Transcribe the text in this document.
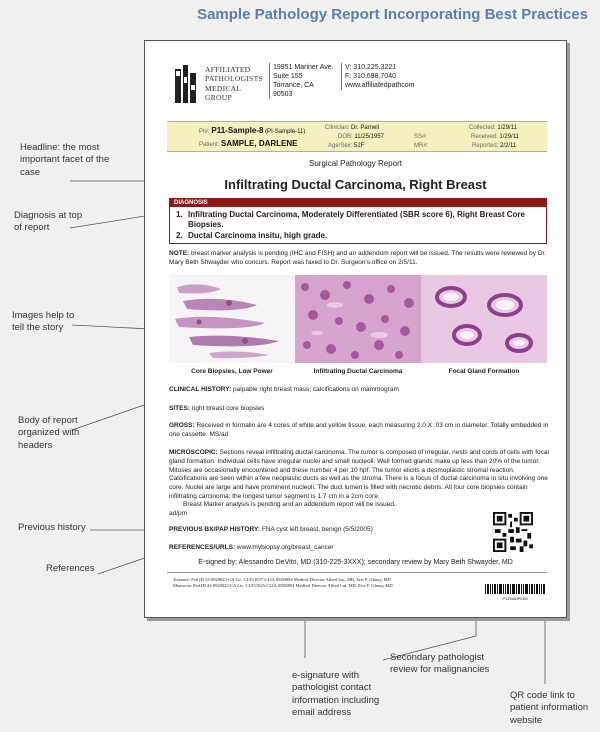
Sample Pathology Report Incorporating Best Practices
AFFILIATED
PATHOLOGISTS
MEDICAL
GROUP
19951 Mariner Ave.
Suite 155
Torrance, CA
90503
V: 310.225.3221
F: 310.698.7040
www.affiliatedpathcom
PI#: P11-Sample-8 (PI-Sample-11)
Patient: SAMPLE, DARLENE
Clinician: Dr. Parnell
DOB: 11/25/1957
Age/Sex: 52F
SS#:
MR#:
Collected: 1/29/11
Received: 1/29/11
Reported: 2/2/11
Surgical Pathology Report
Infiltrating Ductal Carcinoma, Right Breast
DIAGNOSIS
1. Infiltrating Ductal Carcinoma, Moderately Differentiated (SBR score 6), Right Breast Core Biopsies.
2. Ductal Carcinoma insitu, high grade.
NOTE: breast marker analysis is pending (IHC and FISH) and an addendum report will be issued. The results were reviewed by Dr. Mary Beth Shwayder who concurs. Report was faxed to Dr. Surgeon's office on 2/5/11.
Core Biopsies, Low Power	Infiltrating Ductal Carcinoma	Focal Gland Formation
CLINICAL HISTORY: palpable right breast mass; calcifications on mammogram
SITES: right breast core biopsies
GROSS: Received in formalin are 4 cores of white and yellow tissue, each measuring 2.0 X .03 cm in diameter. Totally embedded in one cassette. MS/ad
MICROSCOPIC: Sections reveal infiltrating ductal carcinoma. The tumor is composed of irregular, nests and cords of cells with focal gland formation. Individual cells have irregular nuclei and small nucleoli. Well formed glands make up less than 20% of the tumor. Mitoses are occasionally encountered and these number 4 per 10 hpf. The tumor elicits a desmoplastic stromal reaction. Calcifications are seen within a few neoplastic ducts as well as the stroma. There is a focus of ductal carcinoma in situ involving one core. Nuclei are large and have prominent nucleoli. The duct lumen is filled with necrotic debris. All four core biopsies contain infiltrating carcinoma; the longest tumor segment is 1.7 cm in a 2cm core.
Breast Marker analysis is pending and an addendum report will be issued.
ad/pm
PREVIOUS BX/PAP HISTORY: FNA cyst left breast, benign (5/5/2005)
REFERENCES/URLS: www.mybiopsy.org/breast_cancer
E-signed by: Alessandro DeVito, MD (310-225-3XXX); secondary review by Mary Beth Shwayder, MD
Torrance: Fed ID 33-0929023-CA Lic. CLF1103*-CLIA 05D0894 Medical Director Alfred Lui, MD, Eric F. Glassy, MD
Monrovia: Fed ID 33-0929023-CA Lic. CLF11025-CLIA 05D0894 Medical Director Alfred Lui, MD, Eric F. Glassy, MD
P11SAMPLE8
Headline: the most important facet of the case
Diagnosis at top of report
Images help to tell the story
Body of report organized with headers
Previous history
References
e-signature with pathologist contact information including email address
Secondary pathologist review for malignancies
QR code link to patient information website
